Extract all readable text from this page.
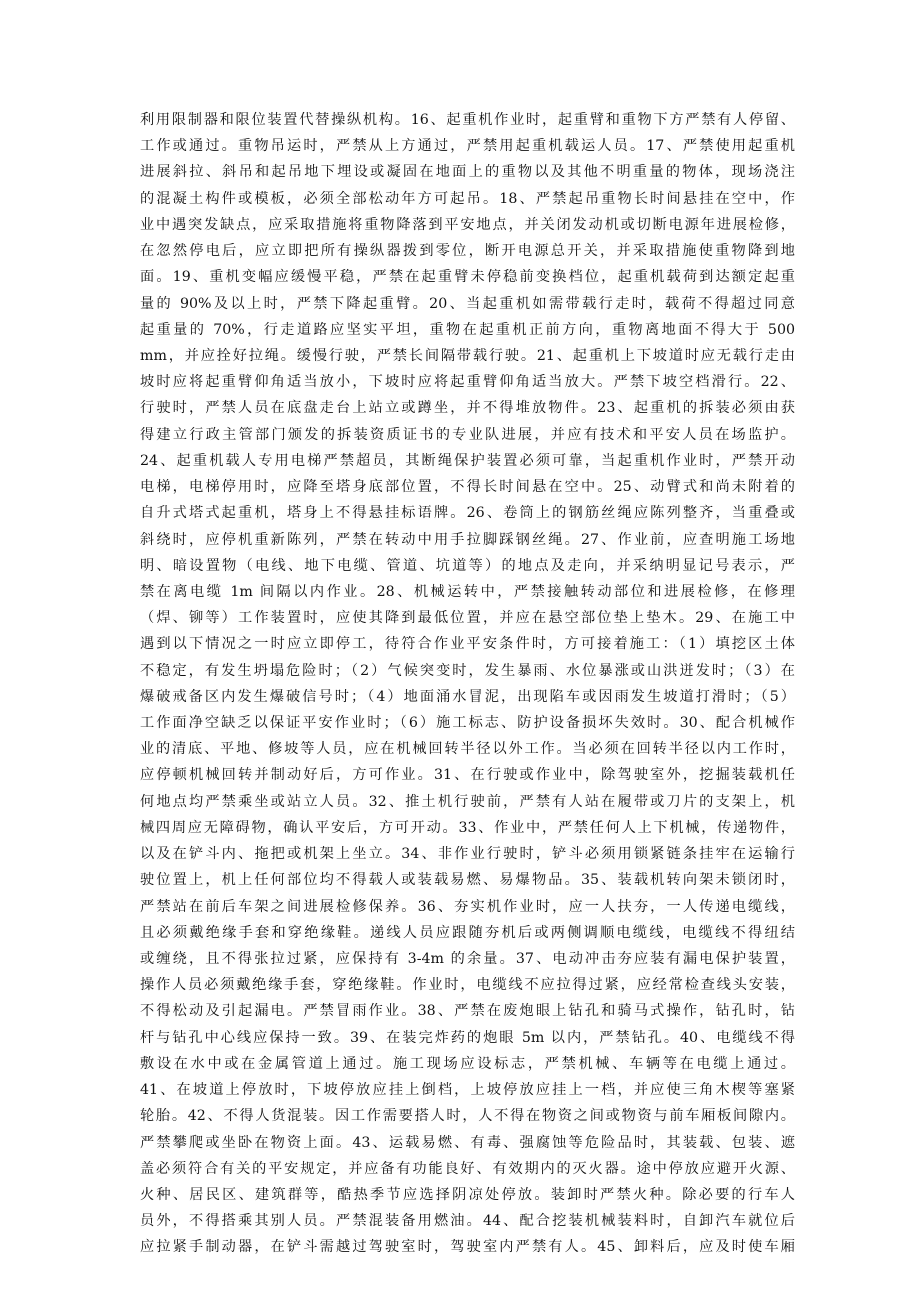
利用限制器和限位装置代替操纵机构。16、起重机作业时，起重臂和重物下方严禁有人停留、
工作或通过。重物吊运时，严禁从上方通过，严禁用起重机载运人员。17、严禁使用起重机
进展斜拉、斜吊和起吊地下埋设或凝固在地面上的重物以及其他不明重量的物体，现场浇注
的混凝土构件或模板，必须全部松动年方可起吊。18、严禁起吊重物长时间悬挂在空中，作
业中遇突发缺点，应采取措施将重物降落到平安地点，并关闭发动机或切断电源年进展检修，
在忽然停电后，应立即把所有操纵器拨到零位，断开电源总开关，并采取措施使重物降到地
面。19、重机变幅应缓慢平稳，严禁在起重臂未停稳前变换档位，起重机载荷到达额定起重
量的 90%及以上时，严禁下降起重臂。20、当起重机如需带载行走时，载荷不得超过同意
起重量的 70%，行走道路应坚实平坦，重物在起重机正前方向，重物离地面不得大于 500
mm，并应拴好拉绳。缓慢行驶，严禁长间隔带载行驶。21、起重机上下坡道时应无载行走由
坡时应将起重臂仰角适当放小，下坡时应将起重臂仰角适当放大。严禁下坡空档滑行。22、
行驶时，严禁人员在底盘走台上站立或蹲坐，并不得堆放物件。23、起重机的拆装必须由获
得建立行政主管部门颁发的拆装资质证书的专业队进展，并应有技术和平安人员在场监护。
24、起重机载人专用电梯严禁超员，其断绳保护装置必须可靠，当起重机作业时，严禁开动
电梯，电梯停用时，应降至塔身底部位置，不得长时间悬在空中。25、动臂式和尚未附着的
自升式塔式起重机，塔身上不得悬挂标语牌。26、卷筒上的钢筋丝绳应陈列整齐，当重叠或
斜绕时，应停机重新陈列，严禁在转动中用手拉脚踩钢丝绳。27、作业前，应查明施工场地
明、暗设置物（电线、地下电缆、管道、坑道等）的地点及走向，并采纳明显记号表示，严
禁在离电缆 1m 间隔以内作业。28、机械运转中，严禁接触转动部位和进展检修，在修理
（焊、铆等）工作装置时，应使其降到最低位置，并应在悬空部位垫上垫木。29、在施工中
遇到以下情况之一时应立即停工，待符合作业平安条件时，方可接着施工：（1）填挖区土体
不稳定，有发生坍塌危险时；（2）气候突变时，发生暴雨、水位暴涨或山洪迸发时；（3）在
爆破戒备区内发生爆破信号时；（4）地面涌水冒泥，出现陷车或因雨发生坡道打滑时；（5）
工作面净空缺乏以保证平安作业时；（6）施工标志、防护设备损坏失效时。30、配合机械作
业的清底、平地、修坡等人员，应在机械回转半径以外工作。当必须在回转半径以内工作时，
应停顿机械回转并制动好后，方可作业。31、在行驶或作业中，除驾驶室外，挖掘装载机任
何地点均严禁乘坐或站立人员。32、推土机行驶前，严禁有人站在履带或刀片的支架上，机
械四周应无障碍物，确认平安后，方可开动。33、作业中，严禁任何人上下机械，传递物件，
以及在铲斗内、拖把或机架上坐立。34、非作业行驶时，铲斗必须用锁紧链条挂牢在运输行
驶位置上，机上任何部位均不得载人或装载易燃、易爆物品。35、装载机转向架未锁闭时，
严禁站在前后车架之间进展检修保养。36、夯实机作业时，应一人扶夯，一人传递电缆线，
且必须戴绝缘手套和穿绝缘鞋。递线人员应跟随夯机后或两侧调顺电缆线，电缆线不得纽结
或缠绕，且不得张拉过紧，应保持有 3-4m 的余量。37、电动冲击夯应装有漏电保护装置，
操作人员必须戴绝缘手套，穿绝缘鞋。作业时，电缆线不应拉得过紧，应经常检查线头安装，
不得松动及引起漏电。严禁冒雨作业。38、严禁在废炮眼上钻孔和骑马式操作，钻孔时，钻
杆与钻孔中心线应保持一致。39、在装完炸药的炮眼 5m 以内，严禁钻孔。40、电缆线不得
敷设在水中或在金属管道上通过。施工现场应设标志，严禁机械、车辆等在电缆上通过。
41、在坡道上停放时，下坡停放应挂上倒档，上坡停放应挂上一档，并应使三角木楔等塞紧
轮胎。42、不得人货混装。因工作需要搭人时，人不得在物资之间或物资与前车厢板间隙内。
严禁攀爬或坐卧在物资上面。43、运载易燃、有毒、强腐蚀等危险品时，其装载、包装、遮
盖必须符合有关的平安规定，并应备有功能良好、有效期内的灭火器。途中停放应避开火源、
火种、居民区、建筑群等，酷热季节应选择阴凉处停放。装卸时严禁火种。除必要的行车人
员外，不得搭乘其别人员。严禁混装备用燃油。44、配合挖装机械装料时，自卸汽车就位后
应拉紧手制动器，在铲斗需越过驾驶室时，驾驶室内严禁有人。45、卸料后，应及时使车厢
